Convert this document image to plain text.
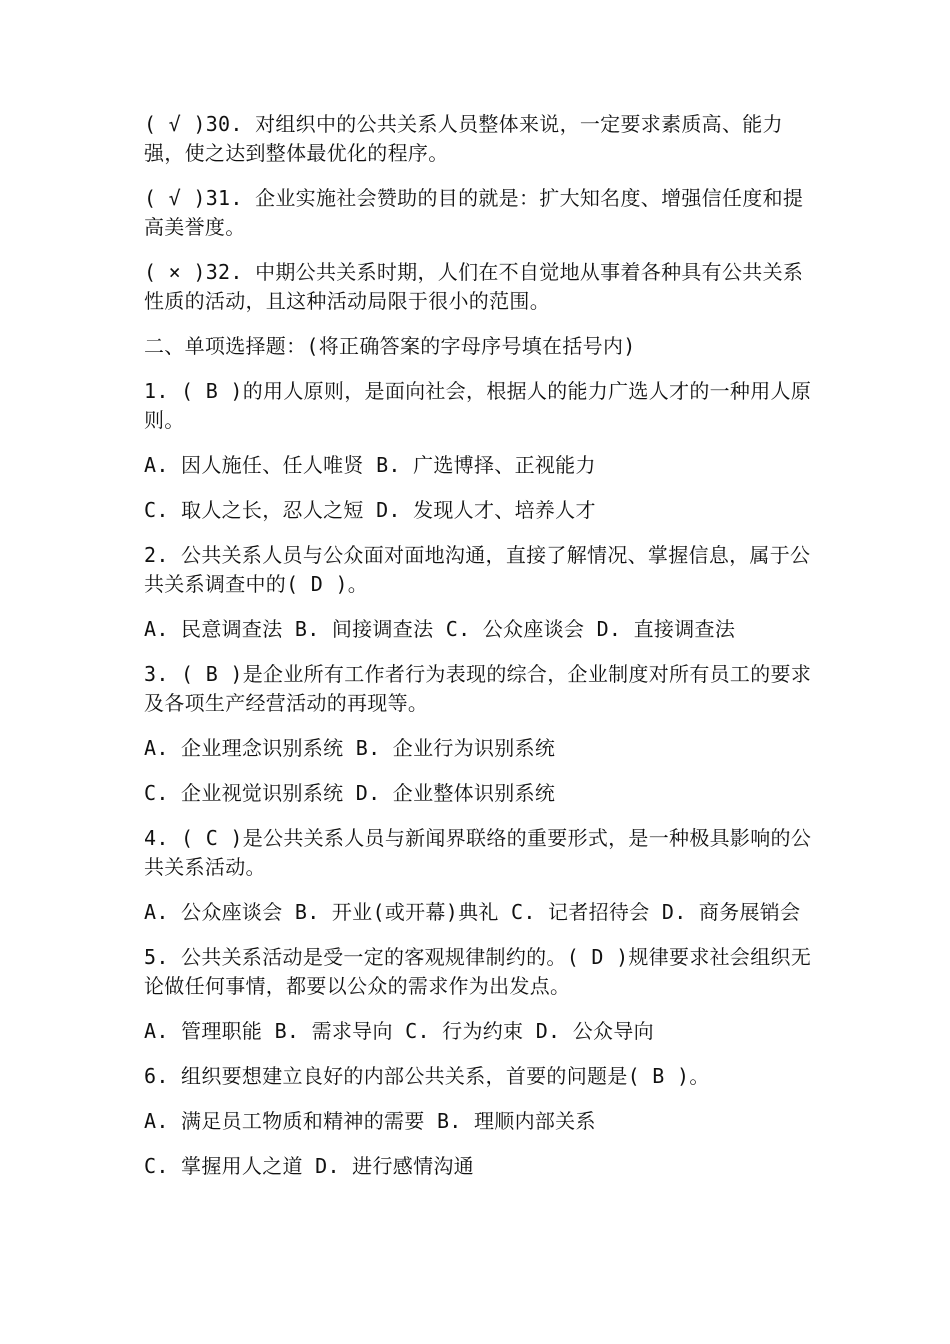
( √ )30. 对组织中的公共关系人员整体来说，一定要求素质高、能力强，使之达到整体最优化的程序。

( √ )31. 企业实施社会赞助的目的就是：扩大知名度、增强信任度和提高美誉度。

( × )32. 中期公共关系时期，人们在不自觉地从事着各种具有公共关系性质的活动，且这种活动局限于很小的范围。

二、单项选择题：(将正确答案的字母序号填在括号内)

1. ( B )的用人原则，是面向社会，根据人的能力广选人才的一种用人原则。

A. 因人施任、任人唯贤 B. 广选博择、正视能力

C. 取人之长，忍人之短 D. 发现人才、培养人才

2. 公共关系人员与公众面对面地沟通，直接了解情况、掌握信息，属于公共关系调查中的( D )。

A. 民意调查法 B. 间接调查法 C. 公众座谈会 D. 直接调查法

3. ( B )是企业所有工作者行为表现的综合，企业制度对所有员工的要求及各项生产经营活动的再现等。

A. 企业理念识别系统 B. 企业行为识别系统

C. 企业视觉识别系统 D. 企业整体识别系统

4. ( C )是公共关系人员与新闻界联络的重要形式，是一种极具影响的公共关系活动。

A. 公众座谈会 B. 开业(或开幕)典礼 C. 记者招待会 D. 商务展销会

5. 公共关系活动是受一定的客观规律制约的。( D )规律要求社会组织无论做任何事情，都要以公众的需求作为出发点。

A. 管理职能 B. 需求导向 C. 行为约束 D. 公众导向

6. 组织要想建立良好的内部公共关系，首要的问题是( B )。

A. 满足员工物质和精神的需要 B. 理顺内部关系

C. 掌握用人之道 D. 进行感情沟通
